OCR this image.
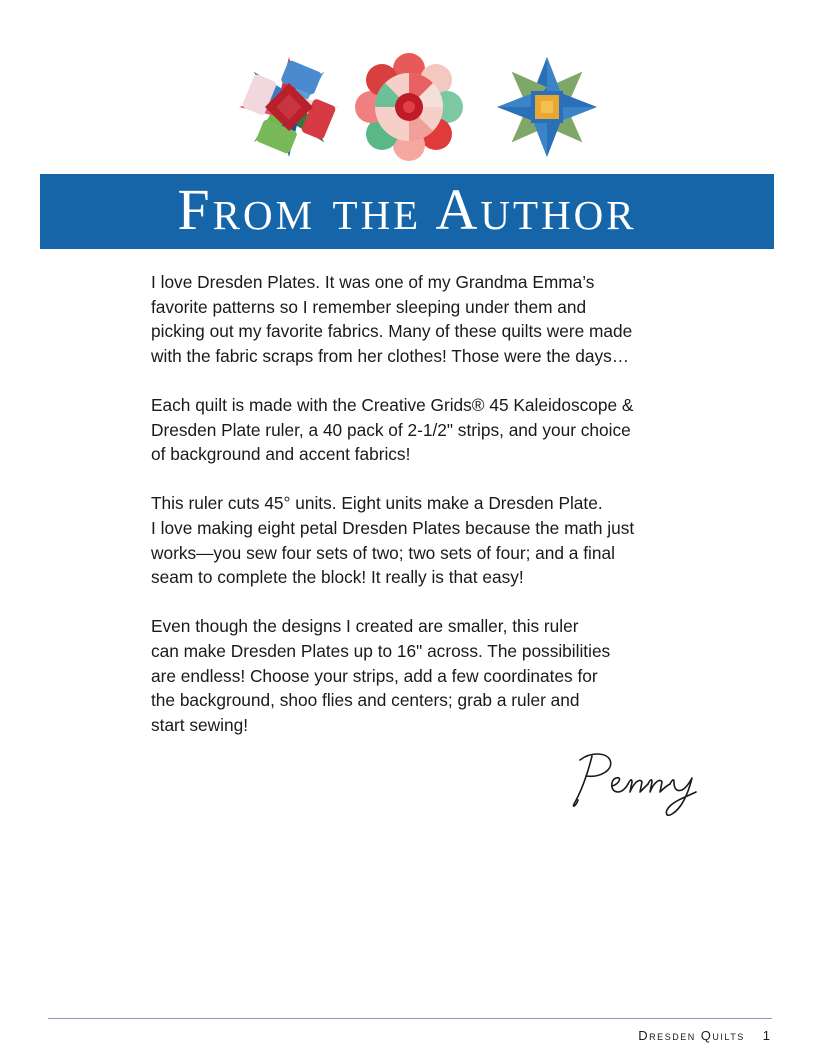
From the Author

I love Dresden Plates. It was one of my Grandma Emma’s
favorite patterns so I remember sleeping under them and
picking out my favorite fabrics. Many of these quilts were made
with the fabric scraps from her clothes! Those were the days…

Each quilt is made with the Creative Grids® 45 Kaleidoscope &
Dresden Plate ruler, a 40 pack of 2-1/2" strips, and your choice
of background and accent fabrics!

This ruler cuts 45° units. Eight units make a Dresden Plate.
I love making eight petal Dresden Plates because the math just
works—you sew four sets of two; two sets of four; and a final
seam to complete the block! It really is that easy!

Even though the designs I created are smaller, this ruler
can make Dresden Plates up to 16" across. The possibilities
are endless! Choose your strips, add a few coordinates for
the background, shoo flies and centers; grab a ruler and
start sewing!

Dresden Quilts 1
